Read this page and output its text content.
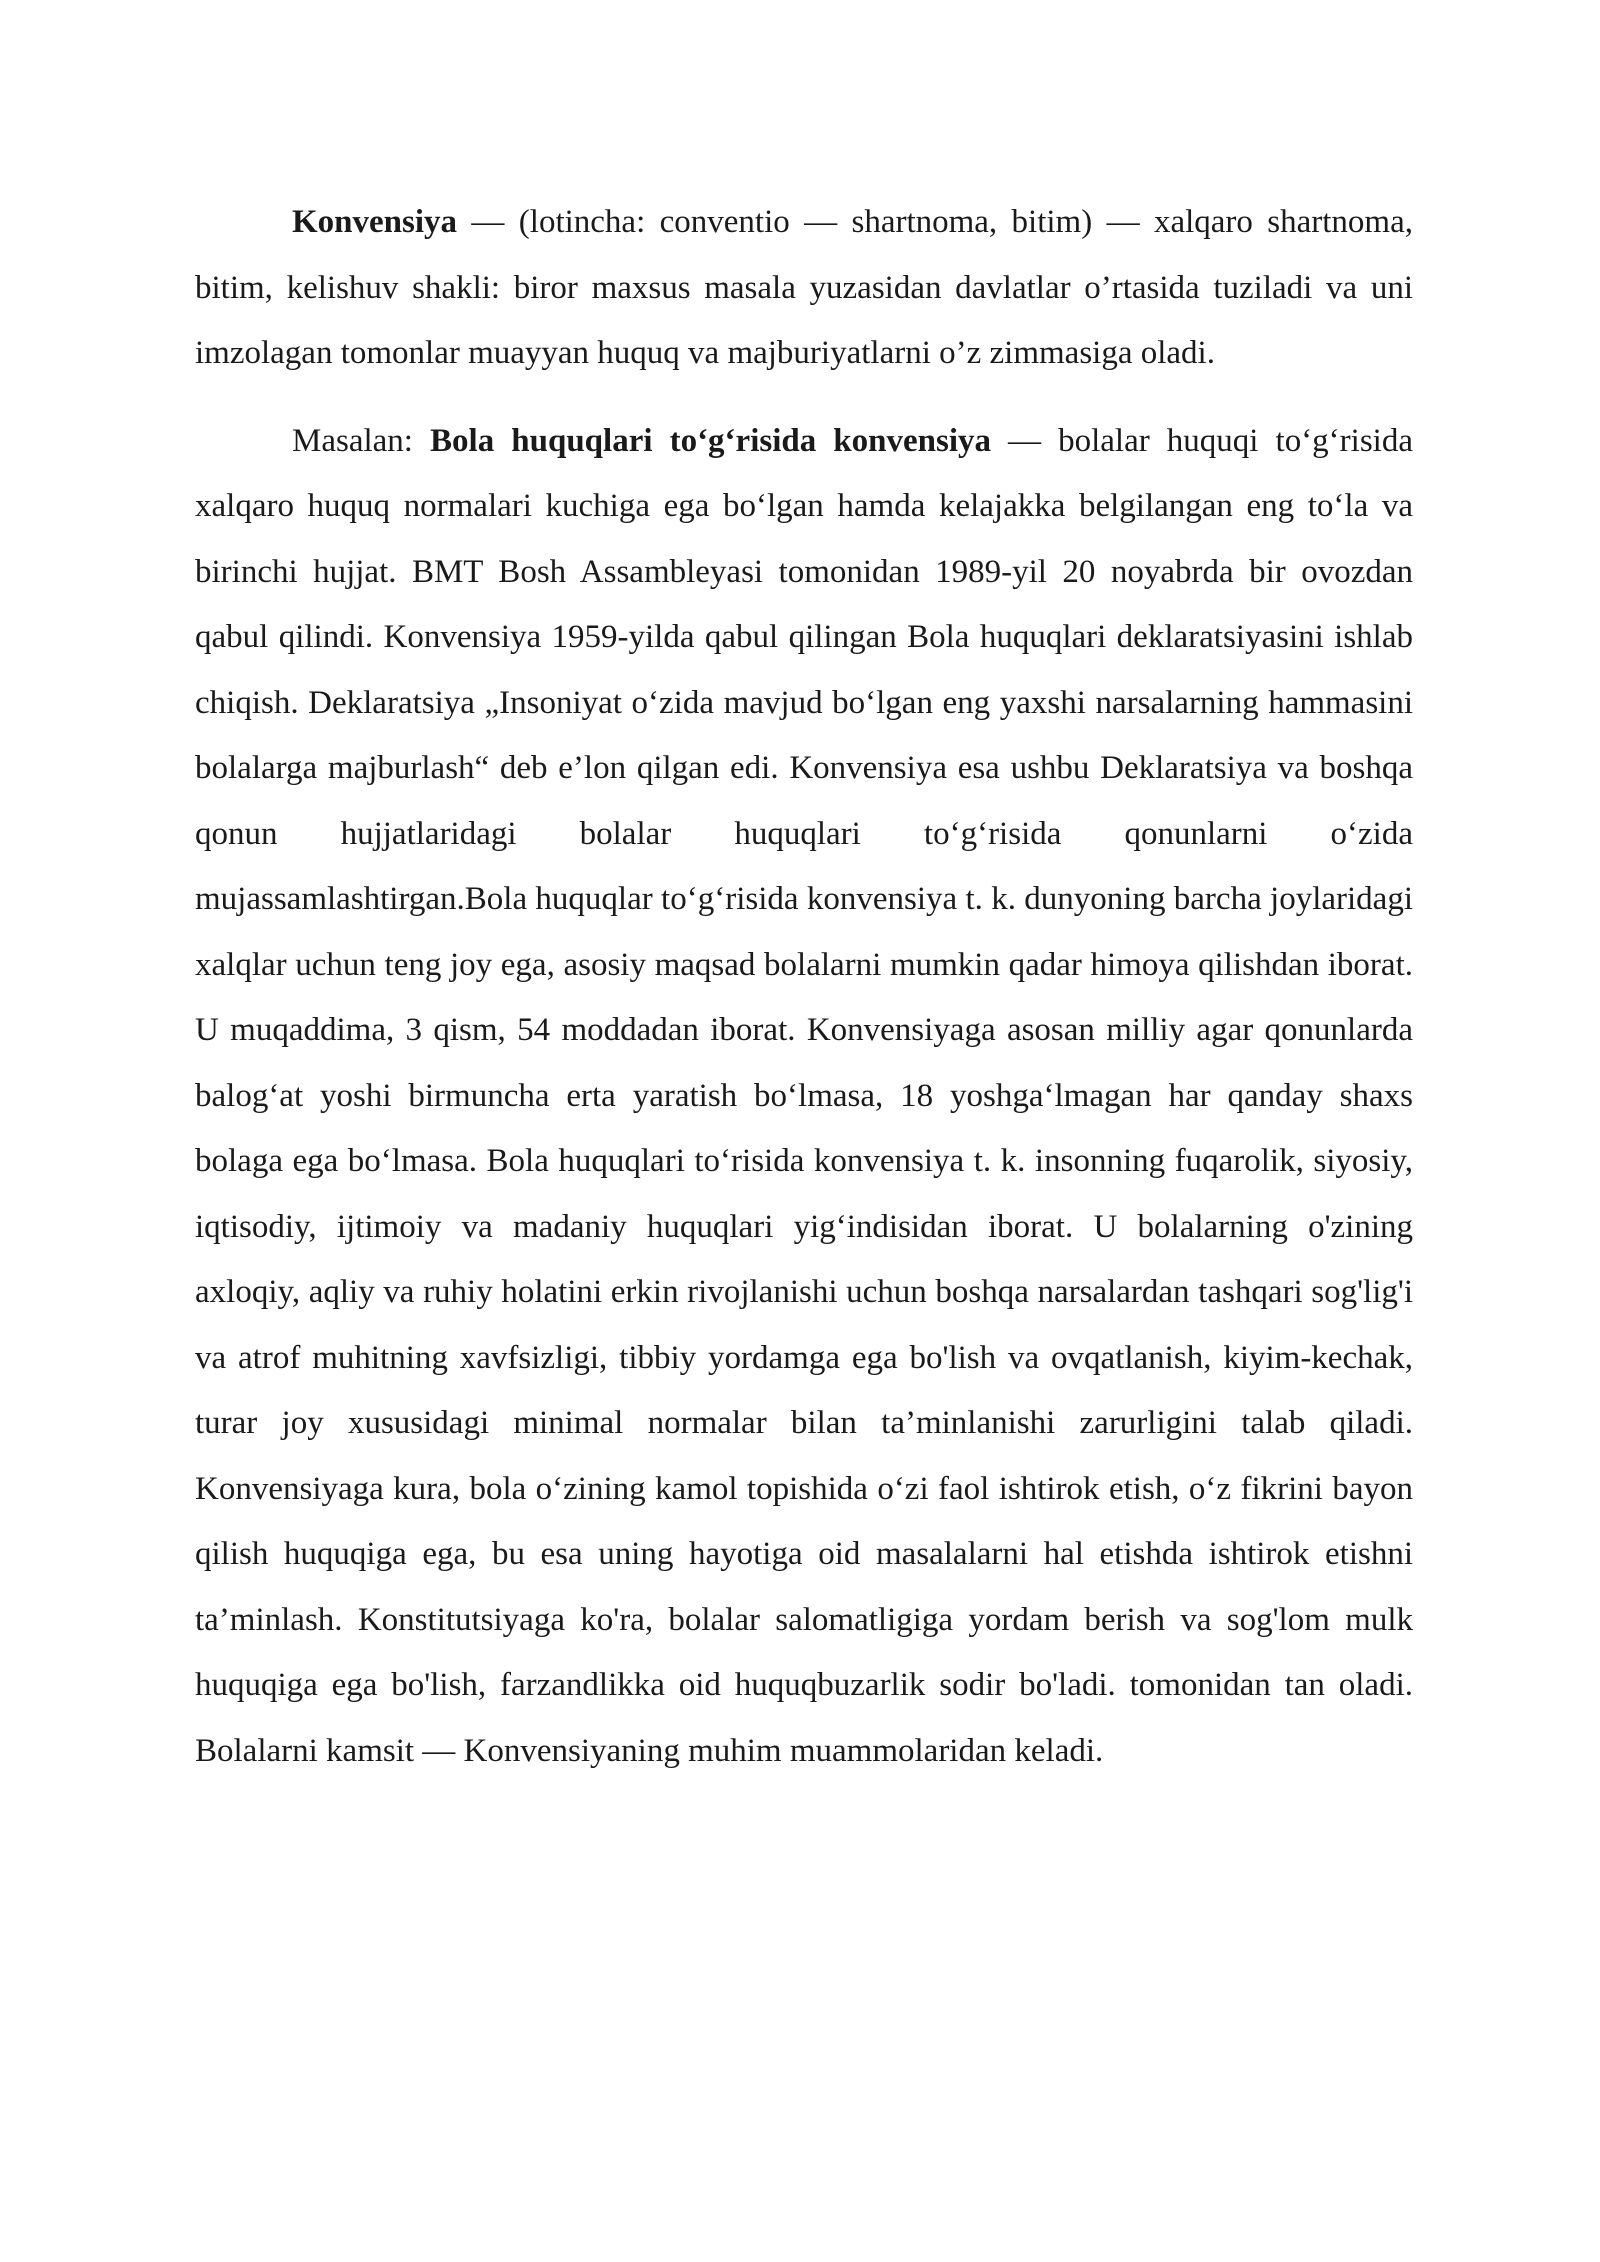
Konvensiya — (lotincha: conventio — shartnoma, bitim) — xalqaro shartnoma, bitim, kelishuv shakli: biror maxsus masala yuzasidan davlatlar o’rtasida tuziladi va uni imzolagan tomonlar muayyan huquq va majburiyatlarni o’z zimmasiga oladi.

Masalan: Bola huquqlari toʻgʻrisida konvensiya — bolalar huquqi toʻgʻrisida xalqaro huquq normalari kuchiga ega boʻlgan hamda kelajakka belgilangan eng toʻla va birinchi hujjat. BMT Bosh Assambleyasi tomonidan 1989-yil 20 noyabrda bir ovozdan qabul qilindi. Konvensiya 1959-yilda qabul qilingan Bola huquqlari deklaratsiyasini ishlab chiqish. Deklaratsiya „Insoniyat oʻzida mavjud boʻlgan eng yaxshi narsalarning hammasini bolalarga majburlash“ deb e’lon qilgan edi. Konvensiya esa ushbu Deklaratsiya va boshqa qonun hujjatlaridagi bolalar huquqlari toʻgʻrisida qonunlarni oʻzida mujassamlashtirgan.Bola huquqlar toʻgʻrisida konvensiya t. k. dunyoning barcha joylaridagi xalqlar uchun teng joy ega, asosiy maqsad bolalarni mumkin qadar himoya qilishdan iborat. U muqaddima, 3 qism, 54 moddadan iborat. Konvensiyaga asosan milliy agar qonunlarda balogʻat yoshi birmuncha erta yaratish boʻlmasa, 18 yoshgaʻlmagan har qanday shaxs bolaga ega boʻlmasa. Bola huquqlari toʻrisida konvensiya t. k. insonning fuqarolik, siyosiy, iqtisodiy, ijtimoiy va madaniy huquqlari yigʻindisidan iborat. U bolalarning o'zining axloqiy, aqliy va ruhiy holatini erkin rivojlanishi uchun boshqa narsalardan tashqari sog'lig'i va atrof muhitning xavfsizligi, tibbiy yordamga ega bo'lish va ovqatlanish, kiyim-kechak, turar joy xususidagi minimal normalar bilan ta’minlanishi zarurligini talab qiladi. Konvensiyaga kura, bola oʻzining kamol topishida oʻzi faol ishtirok etish, oʻz fikrini bayon qilish huquqiga ega, bu esa uning hayotiga oid masalalarni hal etishda ishtirok etishni ta’minlash. Konstitutsiyaga ko'ra, bolalar salomatligiga yordam berish va sog'lom mulk huquqiga ega bo'lish, farzandlikka oid huquqbuzarlik sodir bo'ladi. tomonidan tan oladi. Bolalarni kamsit — Konvensiyaning muhim muammolaridan keladi.
